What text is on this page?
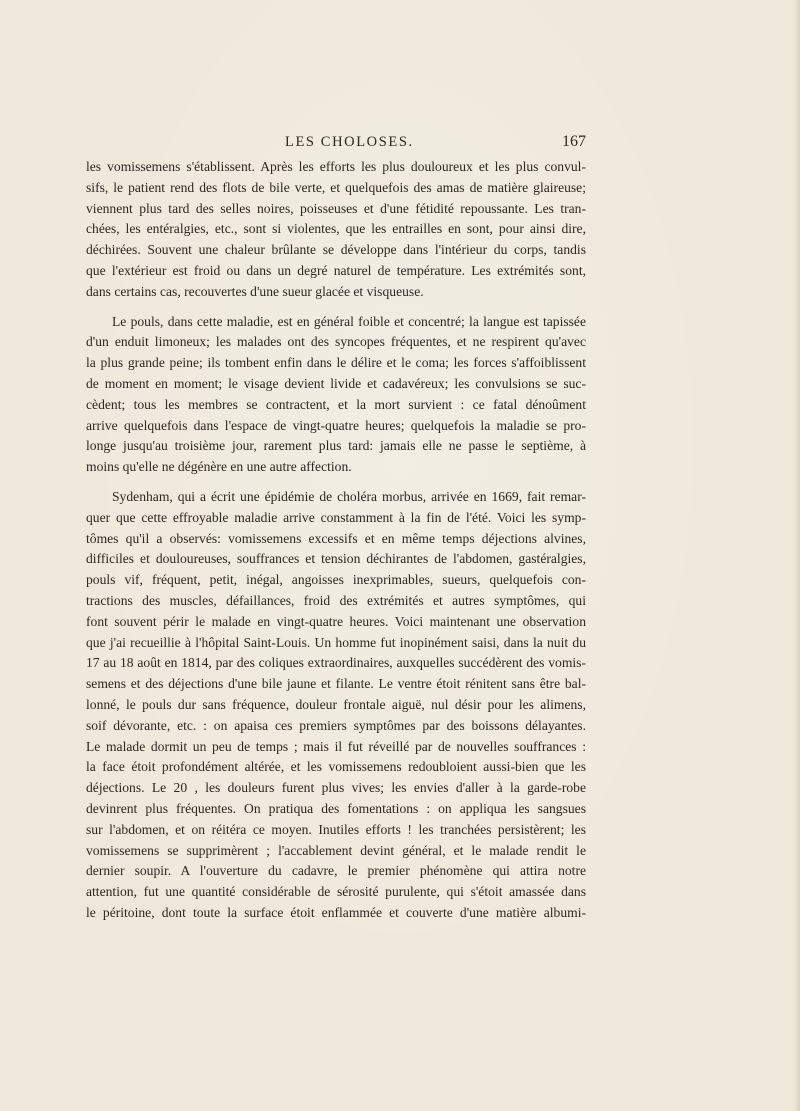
LES CHOLOSES.	167
les vomissemens s'établissent. Après les efforts les plus douloureux et les plus convul-
sifs, le patient rend des flots de bile verte, et quelquefois des amas de matière glaireuse;
viennent plus tard des selles noires, poisseuses et d'une fétidité repoussante. Les tran-
chées, les entéralgies, etc., sont si violentes, que les entrailles en sont, pour ainsi dire,
déchirées. Souvent une chaleur brûlante se développe dans l'intérieur du corps, tandis
que l'extérieur est froid ou dans un degré naturel de température. Les extrémités sont,
dans certains cas, recouvertes d'une sueur glacée et visqueuse.
Le pouls, dans cette maladie, est en général foible et concentré; la langue est tapissée
d'un enduit limoneux; les malades ont des syncopes fréquentes, et ne respirent qu'avec
la plus grande peine; ils tombent enfin dans le délire et le coma; les forces s'affoiblissent
de moment en moment; le visage devient livide et cadavéreux; les convulsions se suc-
cèdent; tous les membres se contractent, et la mort survient : ce fatal dénoûment
arrive quelquefois dans l'espace de vingt-quatre heures; quelquefois la maladie se pro-
longe jusqu'au troisième jour, rarement plus tard: jamais elle ne passe le septième, à
moins qu'elle ne dégénère en une autre affection.
Sydenham, qui a écrit une épidémie de choléra morbus, arrivée en 1669, fait remar-
quer que cette effroyable maladie arrive constamment à la fin de l'été. Voici les symp-
tômes qu'il a observés: vomissemens excessifs et en même temps déjections alvines,
difficiles et douloureuses, souffrances et tension déchirantes de l'abdomen, gastéralgies,
pouls vif, fréquent, petit, inégal, angoisses inexprimables, sueurs, quelquefois con-
tractions des muscles, défaillances, froid des extrémités et autres symptômes, qui
font souvent périr le malade en vingt-quatre heures. Voici maintenant une observation
que j'ai recueillie à l'hôpital Saint-Louis. Un homme fut inopinément saisi, dans la nuit du
17 au 18 août en 1814, par des coliques extraordinaires, auxquelles succédèrent des vomis-
semens et des déjections d'une bile jaune et filante. Le ventre étoit rénitent sans être bal-
lonné, le pouls dur sans fréquence, douleur frontale aiguë, nul désir pour les alimens,
soif dévorante, etc. : on apaisa ces premiers symptômes par des boissons délayantes.
Le malade dormit un peu de temps ; mais il fut réveillé par de nouvelles souffrances :
la face étoit profondément altérée, et les vomissemens redoubloient aussi-bien que les
déjections. Le 20 , les douleurs furent plus vives; les envies d'aller à la garde-robe
devinrent plus fréquentes. On pratiqua des fomentations : on appliqua les sangsues
sur l'abdomen, et on réitéra ce moyen. Inutiles efforts ! les tranchées persistèrent; les
vomissemens se supprimèrent ; l'accablement devint général, et le malade rendit le
dernier soupir. A l'ouverture du cadavre, le premier phénomène qui attira notre
attention, fut une quantité considérable de sérosité purulente, qui s'étoit amassée dans
le péritoine, dont toute la surface étoit enflammée et couverte d'une matière albumi-
